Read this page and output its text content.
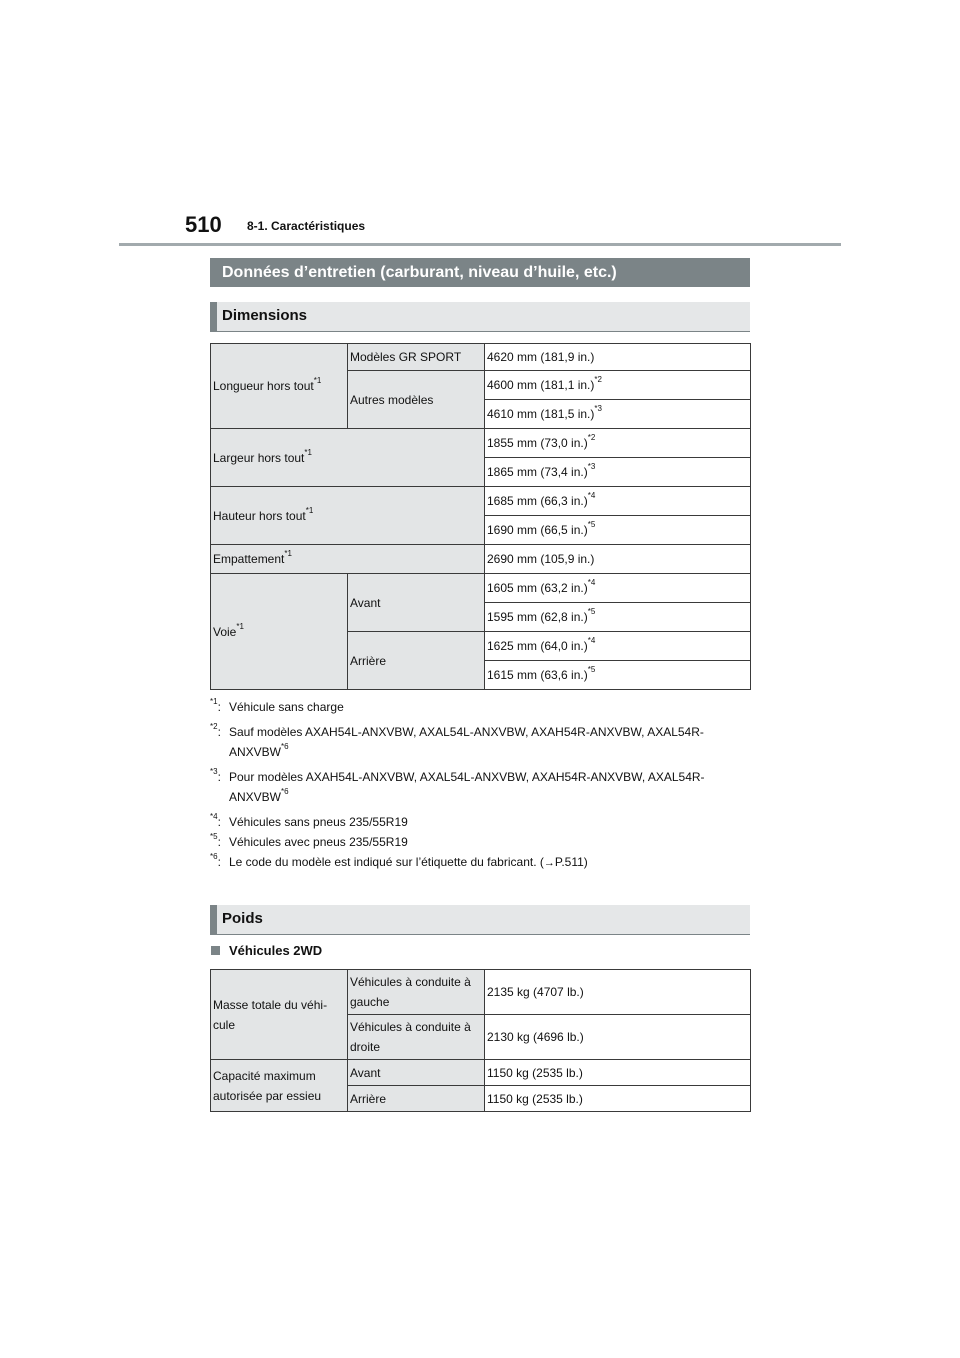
510 8-1. Caractéristiques
Données d’entretien (carburant, niveau d’huile, etc.)
Dimensions
Longueur hors tout$^{*1}$	Modèles GR SPORT	4620 mm (181,9 in.)
	Autres modèles	4600 mm (181,1 in.)$^{*2}$
		4610 mm (181,5 in.)$^{*3}$
Largeur hors tout$^{*1}$		1855 mm (73,0 in.)$^{*2}$
		1865 mm (73,4 in.)$^{*3}$
Hauteur hors tout$^{*1}$		1685 mm (66,3 in.)$^{*4}$
		1690 mm (66,5 in.)$^{*5}$
Empattement$^{*1}$		2690 mm (105,9 in.)
Voie$^{*1}$	Avant	1605 mm (63,2 in.)$^{*4}$
		1595 mm (62,8 in.)$^{*5}$
	Arrière	1625 mm (64,0 in.)$^{*4}$
		1615 mm (63,6 in.)$^{*5}$
$^{*1}$: Véhicule sans charge
$^{*2}$: Sauf modèles AXAH54L-ANXVBW, AXAL54L-ANXVBW, AXAH54R-ANXVBW, AXAL54R-ANXVBW$^{*6}$
$^{*3}$: Pour modèles AXAH54L-ANXVBW, AXAL54L-ANXVBW, AXAH54R-ANXVBW, AXAL54R-ANXVBW$^{*6}$
$^{*4}$: Véhicules sans pneus 235/55R19
$^{*5}$: Véhicules avec pneus 235/55R19
$^{*6}$: Le code du modèle est indiqué sur l’étiquette du fabricant. (→P.511)
Poids
Véhicules 2WD
Masse totale du véhi-cule	Véhicules à conduite à gauche	2135 kg (4707 lb.)
	Véhicules à conduite à droite	2130 kg (4696 lb.)
Capacité maximum autorisée par essieu	Avant	1150 kg (2535 lb.)
	Arrière	1150 kg (2535 lb.)
